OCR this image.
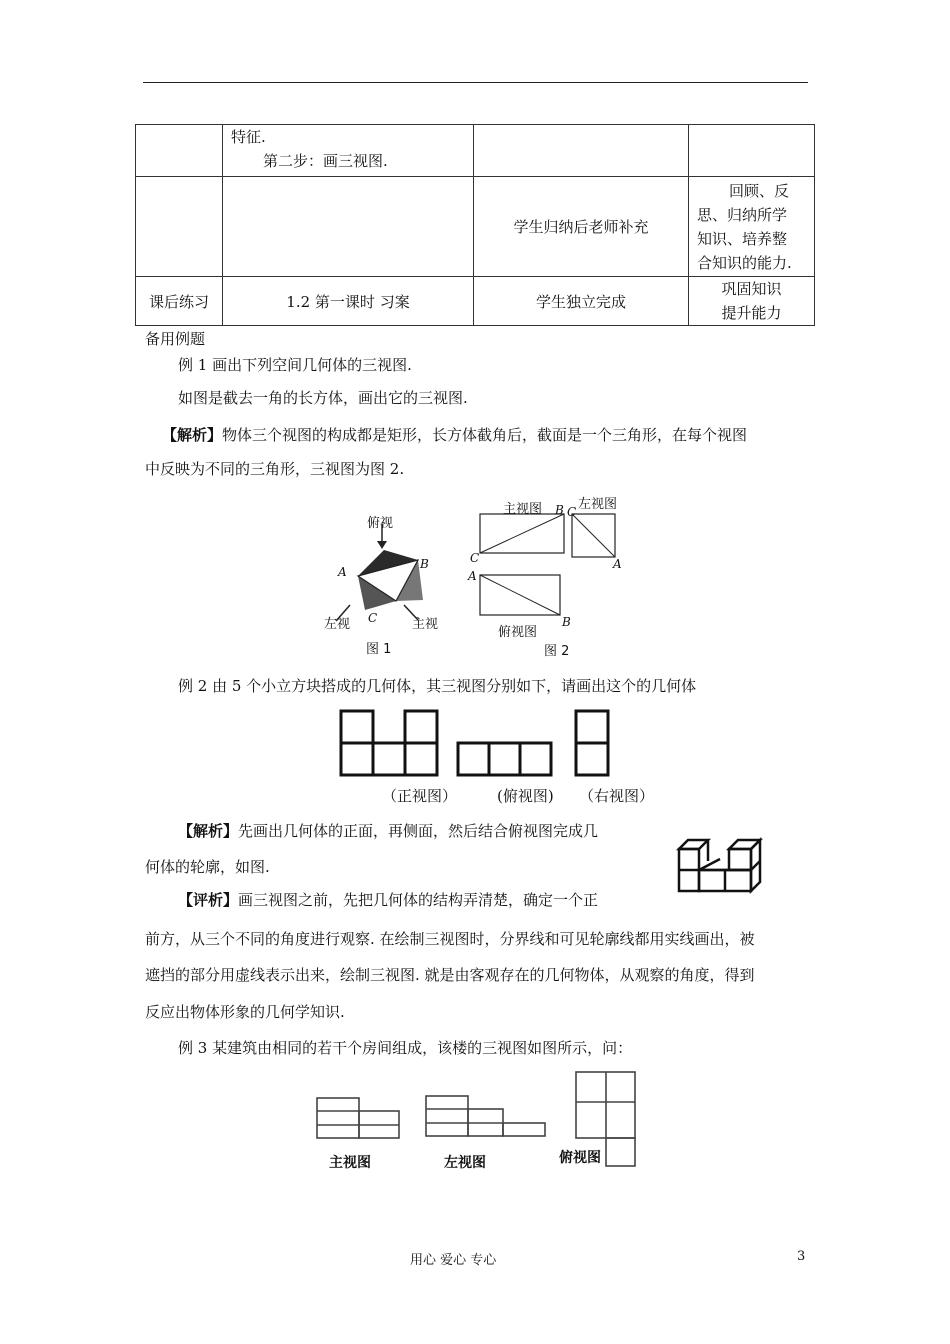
	特征.
第二步：画三视图.		

		学生归纳后老师补充	回顾、反
思、归纳所学
知识、培养整
合知识的能力.

课后练习	1.2 第一课时 习案	学生独立完成	巩固知识
提升能力
备用例题
例 1 画出下列空间几何体的三视图.
如图是截去一角的长方体，画出它的三视图.
【解析】物体三个视图的构成都是矩形，长方体截角后，截面是一个三角形，在每个视图
中反映为不同的三角形，三视图为图 2.
俯视
左视	主视
A
B
C
图 1
主视图	左视图
俯视图
C
B C
A
A
B
图 2
例 2 由 5 个小立方块搭成的几何体，其三视图分别如下，请画出这个的几何体
（正视图）	(俯视图) （右视图）
【解析】先画出几何体的正面，再侧面，然后结合俯视图完成几
何体的轮廓，如图.
【评析】画三视图之前，先把几何体的结构弄清楚，确定一个正
前方，从三个不同的角度进行观察. 在绘制三视图时，分界线和可见轮廓线都用实线画出，被
遮挡的部分用虚线表示出来，绘制三视图. 就是由客观存在的几何物体，从观察的角度，得到
反应出物体形象的几何学知识.
例 3 某建筑由相同的若干个房间组成，该楼的三视图如图所示，问：
主视图	左视图	俯视图
用心 爱心 专心	3
